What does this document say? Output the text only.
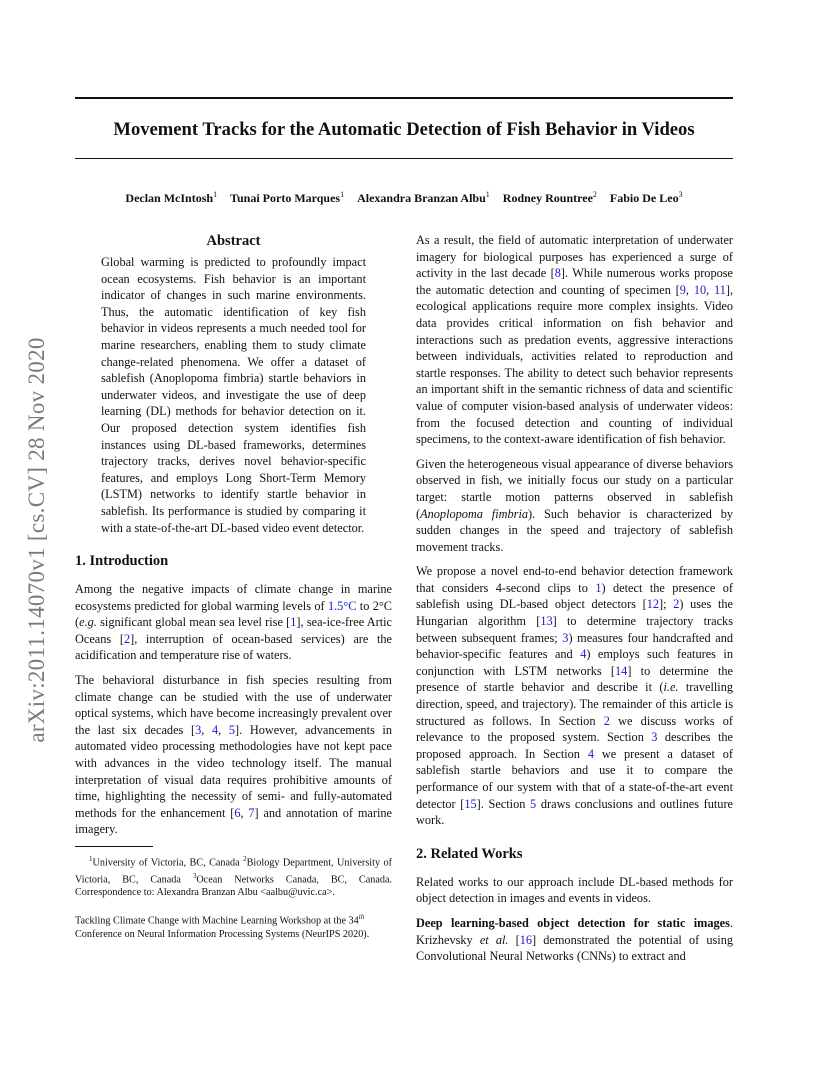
arXiv:2011.14070v1 [cs.CV] 28 Nov 2020
Movement Tracks for the Automatic Detection of Fish Behavior in Videos
Declan McIntosh$^1$ Tunai Porto Marques$^1$ Alexandra Branzan Albu$^1$ Rodney Rountree$^2$ Fabio De Leo$^3$
Abstract
Global warming is predicted to profoundly impact ocean ecosystems. Fish behavior is an important indicator of changes in such marine environments. Thus, the automatic identification of key fish behavior in videos represents a much needed tool for marine researchers, enabling them to study climate change-related phenomena. We offer a dataset of sablefish (Anoplopoma fimbria) startle behaviors in underwater videos, and investigate the use of deep learning (DL) methods for behavior detection on it. Our proposed detection system identifies fish instances using DL-based frameworks, determines trajectory tracks, derives novel behavior-specific features, and employs Long Short-Term Memory (LSTM) networks to identify startle behavior in sablefish. Its performance is studied by comparing it with a state-of-the-art DL-based video event detector.
1. Introduction

Among the negative impacts of climate change in marine ecosystems predicted for global warming levels of 1.5°C to 2°C (e.g. significant global mean sea level rise [1], sea-ice-free Artic Oceans [2], interruption of ocean-based services) are the acidification and temperature rise of waters.

The behavioral disturbance in fish species resulting from climate change can be studied with the use of underwater optical systems, which have become increasingly prevalent over the last six decades [3, 4, 5]. However, advancements in automated video processing methodologies have not kept pace with advances in the video technology itself. The manual interpretation of visual data requires prohibitive amounts of time, highlighting the necessity of semi- and fully-automated methods for the enhancement [6, 7] and annotation of marine imagery.

$^1$University of Victoria, BC, Canada $^2$Biology Department, University of Victoria, BC, Canada $^3$Ocean Networks Canada, BC, Canada. Correspondence to: Alexandra Branzan Albu <aalbu@uvic.ca>.
Tackling Climate Change with Machine Learning Workshop at the 34th Conference on Neural Information Processing Systems (NeurIPS 2020).

As a result, the field of automatic interpretation of underwater imagery for biological purposes has experienced a surge of activity in the last decade [8]. While numerous works propose the automatic detection and counting of specimen [9, 10, 11], ecological applications require more complex insights. Video data provides critical information on fish behavior and interactions such as predation events, aggressive interactions between individuals, activities related to reproduction and startle responses. The ability to detect such behavior represents an important shift in the semantic richness of data and scientific value of computer vision-based analysis of underwater videos: from the focused detection and counting of individual specimens, to the context-aware identification of fish behavior.

Given the heterogeneous visual appearance of diverse behaviors observed in fish, we initially focus our study on a particular target: startle motion patterns observed in sablefish (Anoplopoma fimbria). Such behavior is characterized by sudden changes in the speed and trajectory of sablefish movement tracks.

We propose a novel end-to-end behavior detection framework that considers 4-second clips to 1) detect the presence of sablefish using DL-based object detectors [12]; 2) uses the Hungarian algorithm [13] to determine trajectory tracks between subsequent frames; 3) measures four handcrafted and behavior-specific features and 4) employs such features in conjunction with LSTM networks [14] to determine the presence of startle behavior and describe it (i.e. travelling direction, speed, and trajectory). The remainder of this article is structured as follows. In Section 2 we discuss works of relevance to the proposed system. Section 3 describes the proposed approach. In Section 4 we present a dataset of sablefish startle behaviors and use it to compare the performance of our system with that of a state-of-the-art event detector [15]. Section 5 draws conclusions and outlines future work.

2. Related Works

Related works to our approach include DL-based methods for object detection in images and events in videos.

Deep learning-based object detection for static images. Krizhevsky et al. [16] demonstrated the potential of using Convolutional Neural Networks (CNNs) to extract and
